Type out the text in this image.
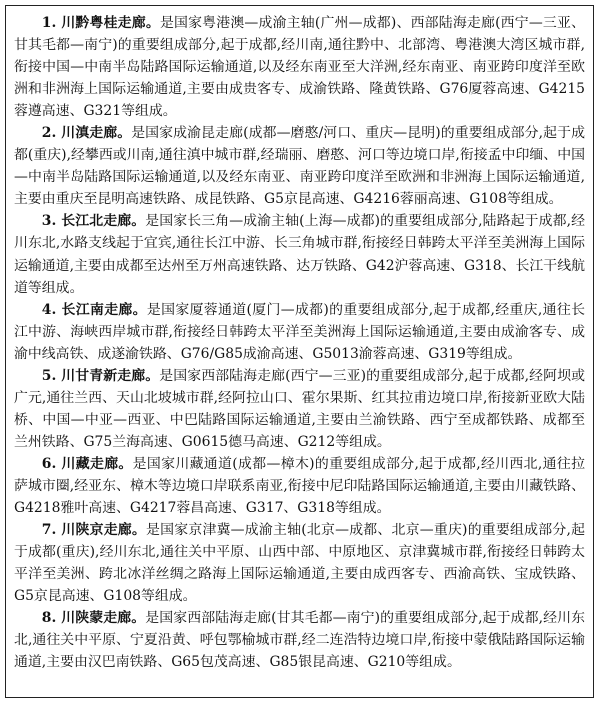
1. 川黔粤桂走廊。是国家粤港澳—成渝主轴(广州—成都)、西部陆海走廊(西宁—三亚、甘其毛都—南宁)的重要组成部分,起于成都,经川南,通往黔中、北部湾、粤港澳大湾区城市群,衔接中国—中南半岛陆路国际运输通道,以及经东南亚至大洋洲,经东南亚、南亚跨印度洋至欧洲和非洲海上国际运输通道,主要由成贵客专、成渝铁路、隆黄铁路、G76厦蓉高速、G4215蓉遵高速、G321等组成。

2. 川滇走廊。是国家成渝昆走廊(成都—磨憨/河口、重庆—昆明)的重要组成部分,起于成都(重庆),经攀西或川南,通往滇中城市群,经瑞丽、磨憨、河口等边境口岸,衔接孟中印缅、中国—中南半岛陆路国际运输通道,以及经东南亚、南亚跨印度洋至欧洲和非洲海上国际运输通道,主要由重庆至昆明高速铁路、成昆铁路、G5京昆高速、G4216蓉丽高速、G108等组成。

3. 长江北走廊。是国家长三角—成渝主轴(上海—成都)的重要组成部分,陆路起于成都,经川东北,水路支线起于宜宾,通往长江中游、长三角城市群,衔接经日韩跨太平洋至美洲海上国际运输通道,主要由成都至达州至万州高速铁路、达万铁路、G42沪蓉高速、G318、长江干线航道等组成。

4. 长江南走廊。是国家厦蓉通道(厦门—成都)的重要组成部分,起于成都,经重庆,通往长江中游、海峡西岸城市群,衔接经日韩跨太平洋至美洲海上国际运输通道,主要由成渝客专、成渝中线高铁、成遂渝铁路、G76/G85成渝高速、G5013渝蓉高速、G319等组成。

5. 川甘青新走廊。是国家西部陆海走廊(西宁—三亚)的重要组成部分,起于成都,经阿坝或广元,通往兰西、天山北坡城市群,经阿拉山口、霍尔果斯、红其拉甫边境口岸,衔接新亚欧大陆桥、中国—中亚—西亚、中巴陆路国际运输通道,主要由兰渝铁路、西宁至成都铁路、成都至兰州铁路、G75兰海高速、G0615德马高速、G212等组成。

6. 川藏走廊。是国家川藏通道(成都—樟木)的重要组成部分,起于成都,经川西北,通往拉萨城市圈,经亚东、樟木等边境口岸联系南亚,衔接中尼印陆路国际运输通道,主要由川藏铁路、G4218雅叶高速、G4217蓉昌高速、G317、G318等组成。

7. 川陕京走廊。是国家京津冀—成渝主轴(北京—成都、北京—重庆)的重要组成部分,起于成都(重庆),经川东北,通往关中平原、山西中部、中原地区、京津冀城市群,衔接经日韩跨太平洋至美洲、跨北冰洋丝绸之路海上国际运输通道,主要由成西客专、西渝高铁、宝成铁路、G5京昆高速、G108等组成。

8. 川陕蒙走廊。是国家西部陆海走廊(甘其毛都—南宁)的重要组成部分,起于成都,经川东北,通往关中平原、宁夏沿黄、呼包鄂榆城市群,经二连浩特边境口岸,衔接中蒙俄陆路国际运输通道,主要由汉巴南铁路、G65包茂高速、G85银昆高速、G210等组成。
